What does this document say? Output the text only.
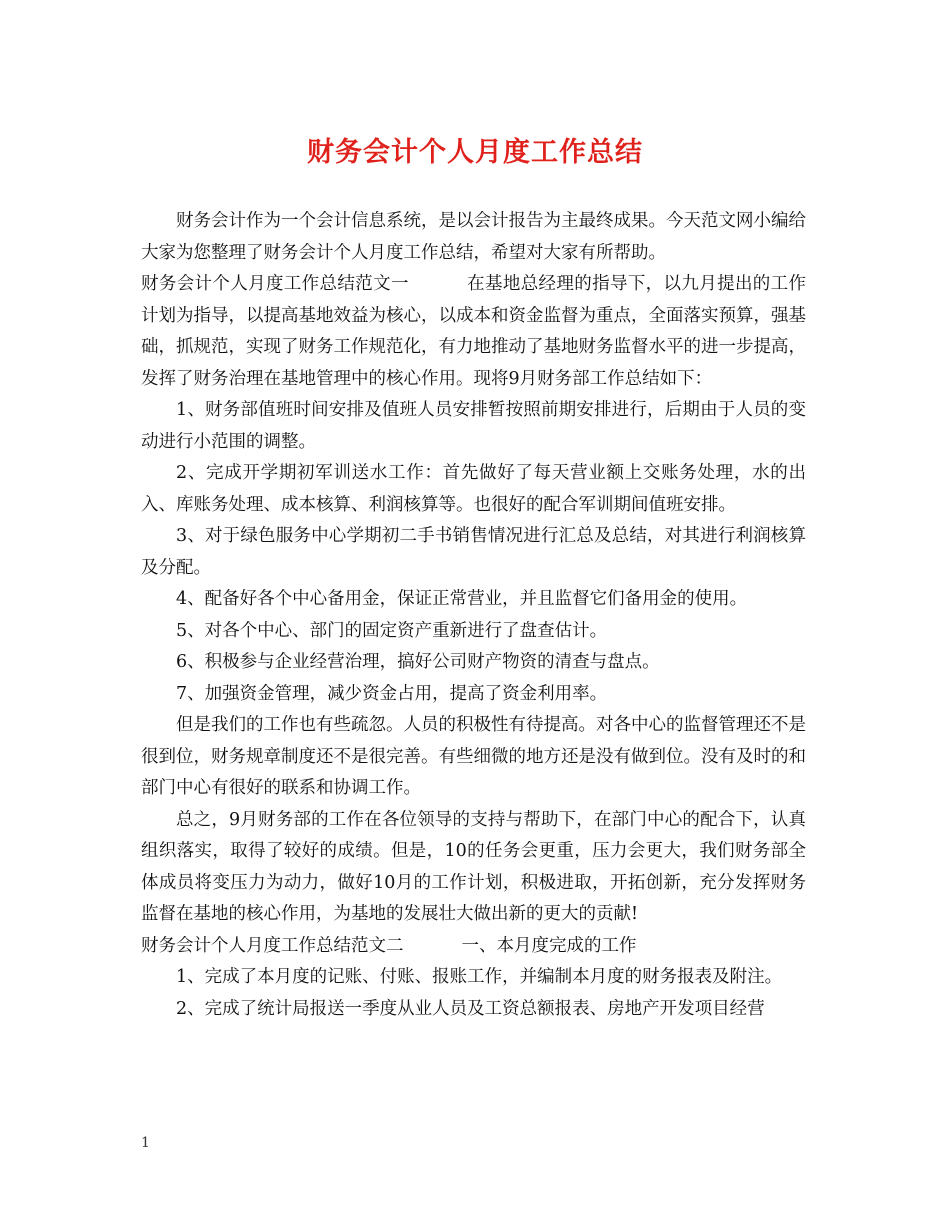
财务会计个人月度工作总结

财务会计作为一个会计信息系统，是以会计报告为主最终成果。今天范文网小编给大家为您整理了财务会计个人月度工作总结，希望对大家有所帮助。

财务会计个人月度工作总结范文一	在基地总经理的指导下，以九月提出的工作计划为指导，以提高基地效益为核心，以成本和资金监督为重点，全面落实预算，强基础，抓规范，实现了财务工作规范化，有力地推动了基地财务监督水平的进一步提高，发挥了财务治理在基地管理中的核心作用。现将9月财务部工作总结如下：

1、财务部值班时间安排及值班人员安排暂按照前期安排进行，后期由于人员的变动进行小范围的调整。

2、完成开学期初军训送水工作：首先做好了每天营业额上交账务处理，水的出入、库账务处理、成本核算、利润核算等。也很好的配合军训期间值班安排。

3、对于绿色服务中心学期初二手书销售情况进行汇总及总结，对其进行利润核算及分配。

4、配备好各个中心备用金，保证正常营业，并且监督它们备用金的使用。

5、对各个中心、部门的固定资产重新进行了盘查估计。

6、积极参与企业经营治理，搞好公司财产物资的清查与盘点。

7、加强资金管理，减少资金占用，提高了资金利用率。

但是我们的工作也有些疏忽。人员的积极性有待提高。对各中心的监督管理还不是很到位，财务规章制度还不是很完善。有些细微的地方还是没有做到位。没有及时的和部门中心有很好的联系和协调工作。

总之，9月财务部的工作在各位领导的支持与帮助下，在部门中心的配合下，认真组织落实，取得了较好的成绩。但是，10的任务会更重，压力会更大，我们财务部全体成员将变压力为动力，做好10月的工作计划，积极进取，开拓创新，充分发挥财务监督在基地的核心作用，为基地的发展壮大做出新的更大的贡献!

财务会计个人月度工作总结范文二	一、本月度完成的工作

1、完成了本月度的记账、付账、报账工作，并编制本月度的财务报表及附注。

2、完成了统计局报送一季度从业人员及工资总额报表、房地产开发项目经营

1
